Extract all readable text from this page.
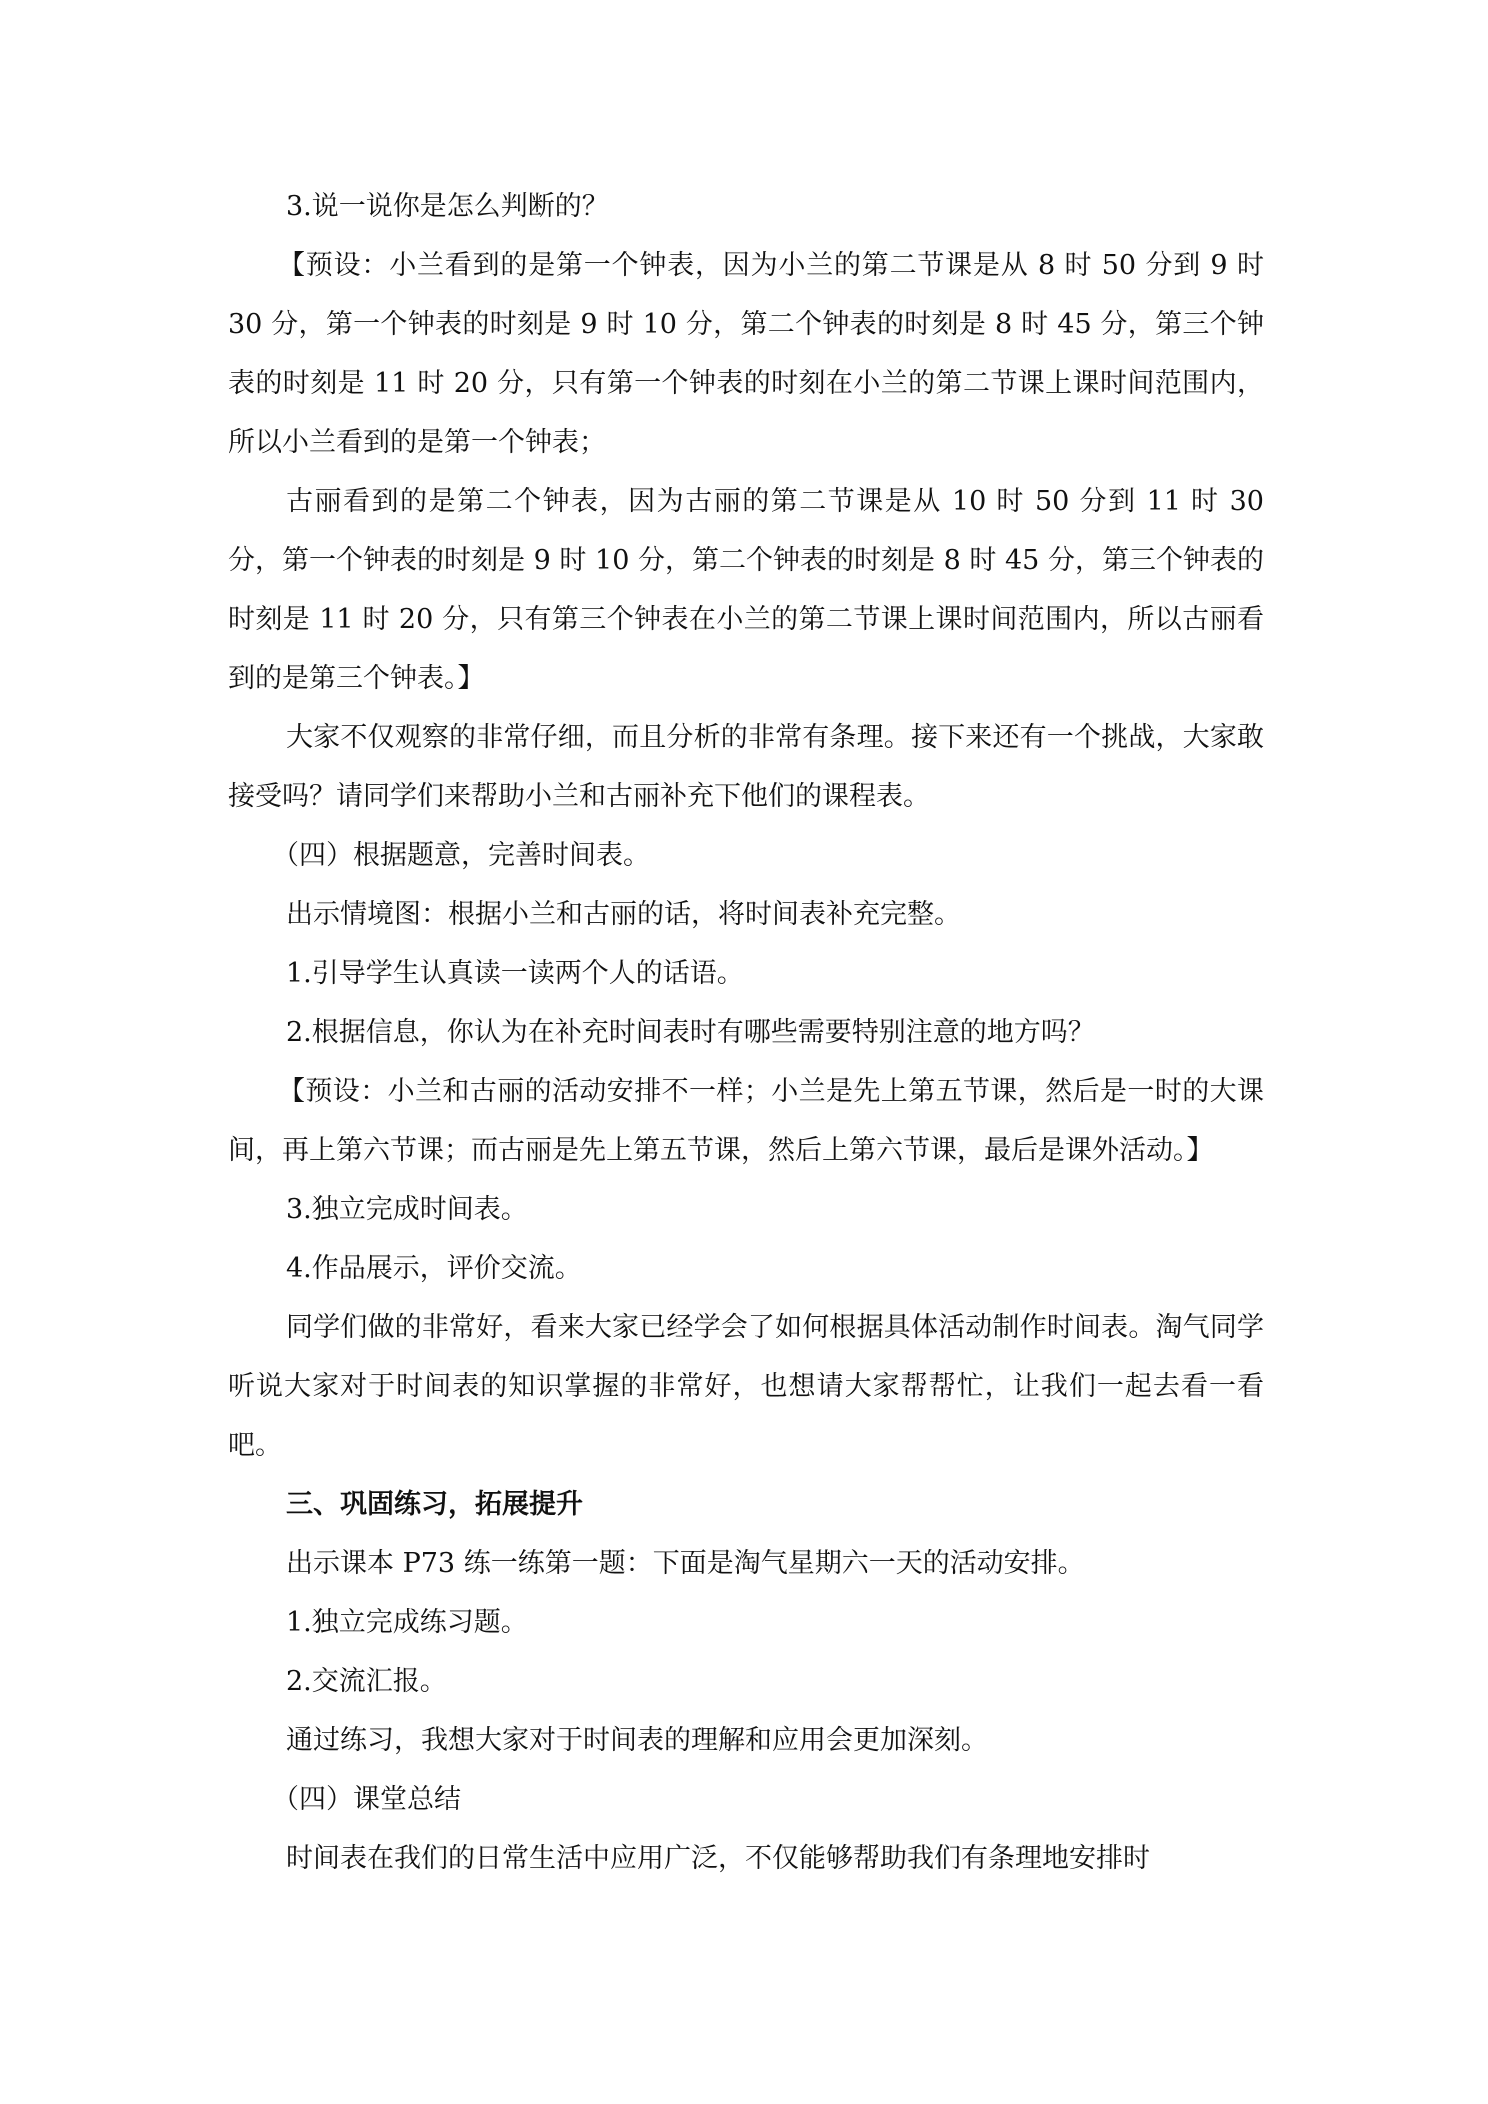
3.说一说你是怎么判断的？

【预设：小兰看到的是第一个钟表，因为小兰的第二节课是从 8 时 50 分到 9 时 30 分，第一个钟表的时刻是 9 时 10 分，第二个钟表的时刻是 8 时 45 分，第三个钟表的时刻是 11 时 20 分，只有第一个钟表的时刻在小兰的第二节课上课时间范围内，所以小兰看到的是第一个钟表；

古丽看到的是第二个钟表，因为古丽的第二节课是从 10 时 50 分到 11 时 30 分，第一个钟表的时刻是 9 时 10 分，第二个钟表的时刻是 8 时 45 分，第三个钟表的时刻是 11 时 20 分，只有第三个钟表在小兰的第二节课上课时间范围内，所以古丽看到的是第三个钟表。】

大家不仅观察的非常仔细，而且分析的非常有条理。接下来还有一个挑战，大家敢接受吗？请同学们来帮助小兰和古丽补充下他们的课程表。

（四）根据题意，完善时间表。

出示情境图：根据小兰和古丽的话，将时间表补充完整。

1.引导学生认真读一读两个人的话语。

2.根据信息，你认为在补充时间表时有哪些需要特别注意的地方吗？

【预设：小兰和古丽的活动安排不一样；小兰是先上第五节课，然后是一时的大课间，再上第六节课；而古丽是先上第五节课，然后上第六节课，最后是课外活动。】

3.独立完成时间表。

4.作品展示，评价交流。

同学们做的非常好，看来大家已经学会了如何根据具体活动制作时间表。淘气同学听说大家对于时间表的知识掌握的非常好，也想请大家帮帮忙，让我们一起去看一看吧。

三、巩固练习，拓展提升

出示课本 P73 练一练第一题：下面是淘气星期六一天的活动安排。

1.独立完成练习题。

2.交流汇报。

通过练习，我想大家对于时间表的理解和应用会更加深刻。

（四）课堂总结

时间表在我们的日常生活中应用广泛，不仅能够帮助我们有条理地安排时
